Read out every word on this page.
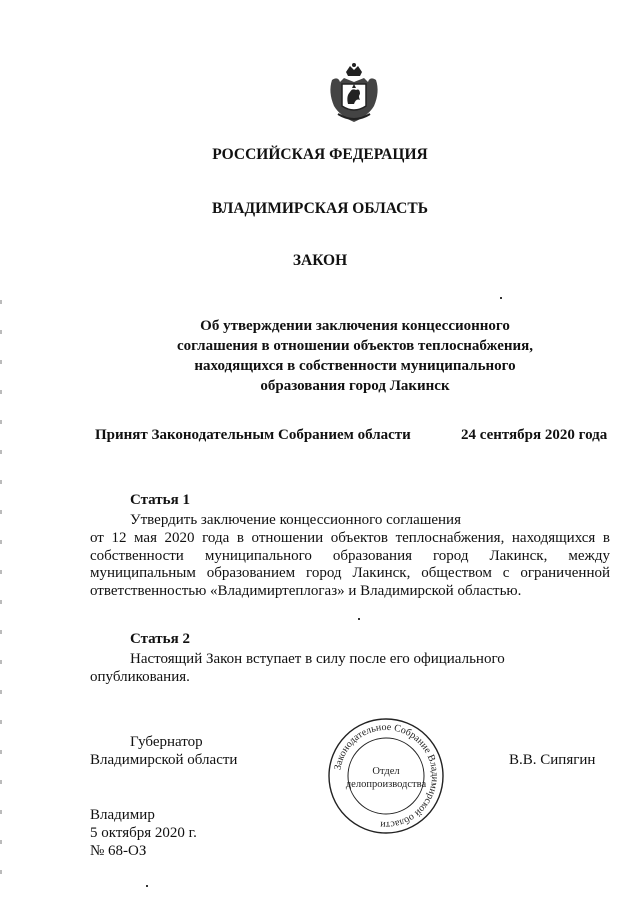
РОССИЙСКАЯ ФЕДЕРАЦИЯ
ВЛАДИМИРСКАЯ ОБЛАСТЬ
ЗАКОН
Об утверждении заключения концессионного
соглашения в отношении объектов теплоснабжения,
находящихся в собственности муниципального
образования город Лакинск
Принят Законодательным Собранием области	24 сентября 2020 года
Статья 1
Утвердить заключение концессионного соглашения
от 12 мая 2020 года в отношении объектов теплоснабжения, находящихся в собственности муниципального образования город Лакинск, между муниципальным образованием город Лакинск, обществом с ограниченной ответственностью «Владимиртеплогаз» и Владимирской областью.
Статья 2
Настоящий Закон вступает в силу после его официального
опубликования.
Губернатор
Владимирской области	В.В. Сипягин
Законодательное Собрание Владимирской области
Отдел
делопроизводства
Владимир
5 октября 2020 г.
№ 68-ОЗ
